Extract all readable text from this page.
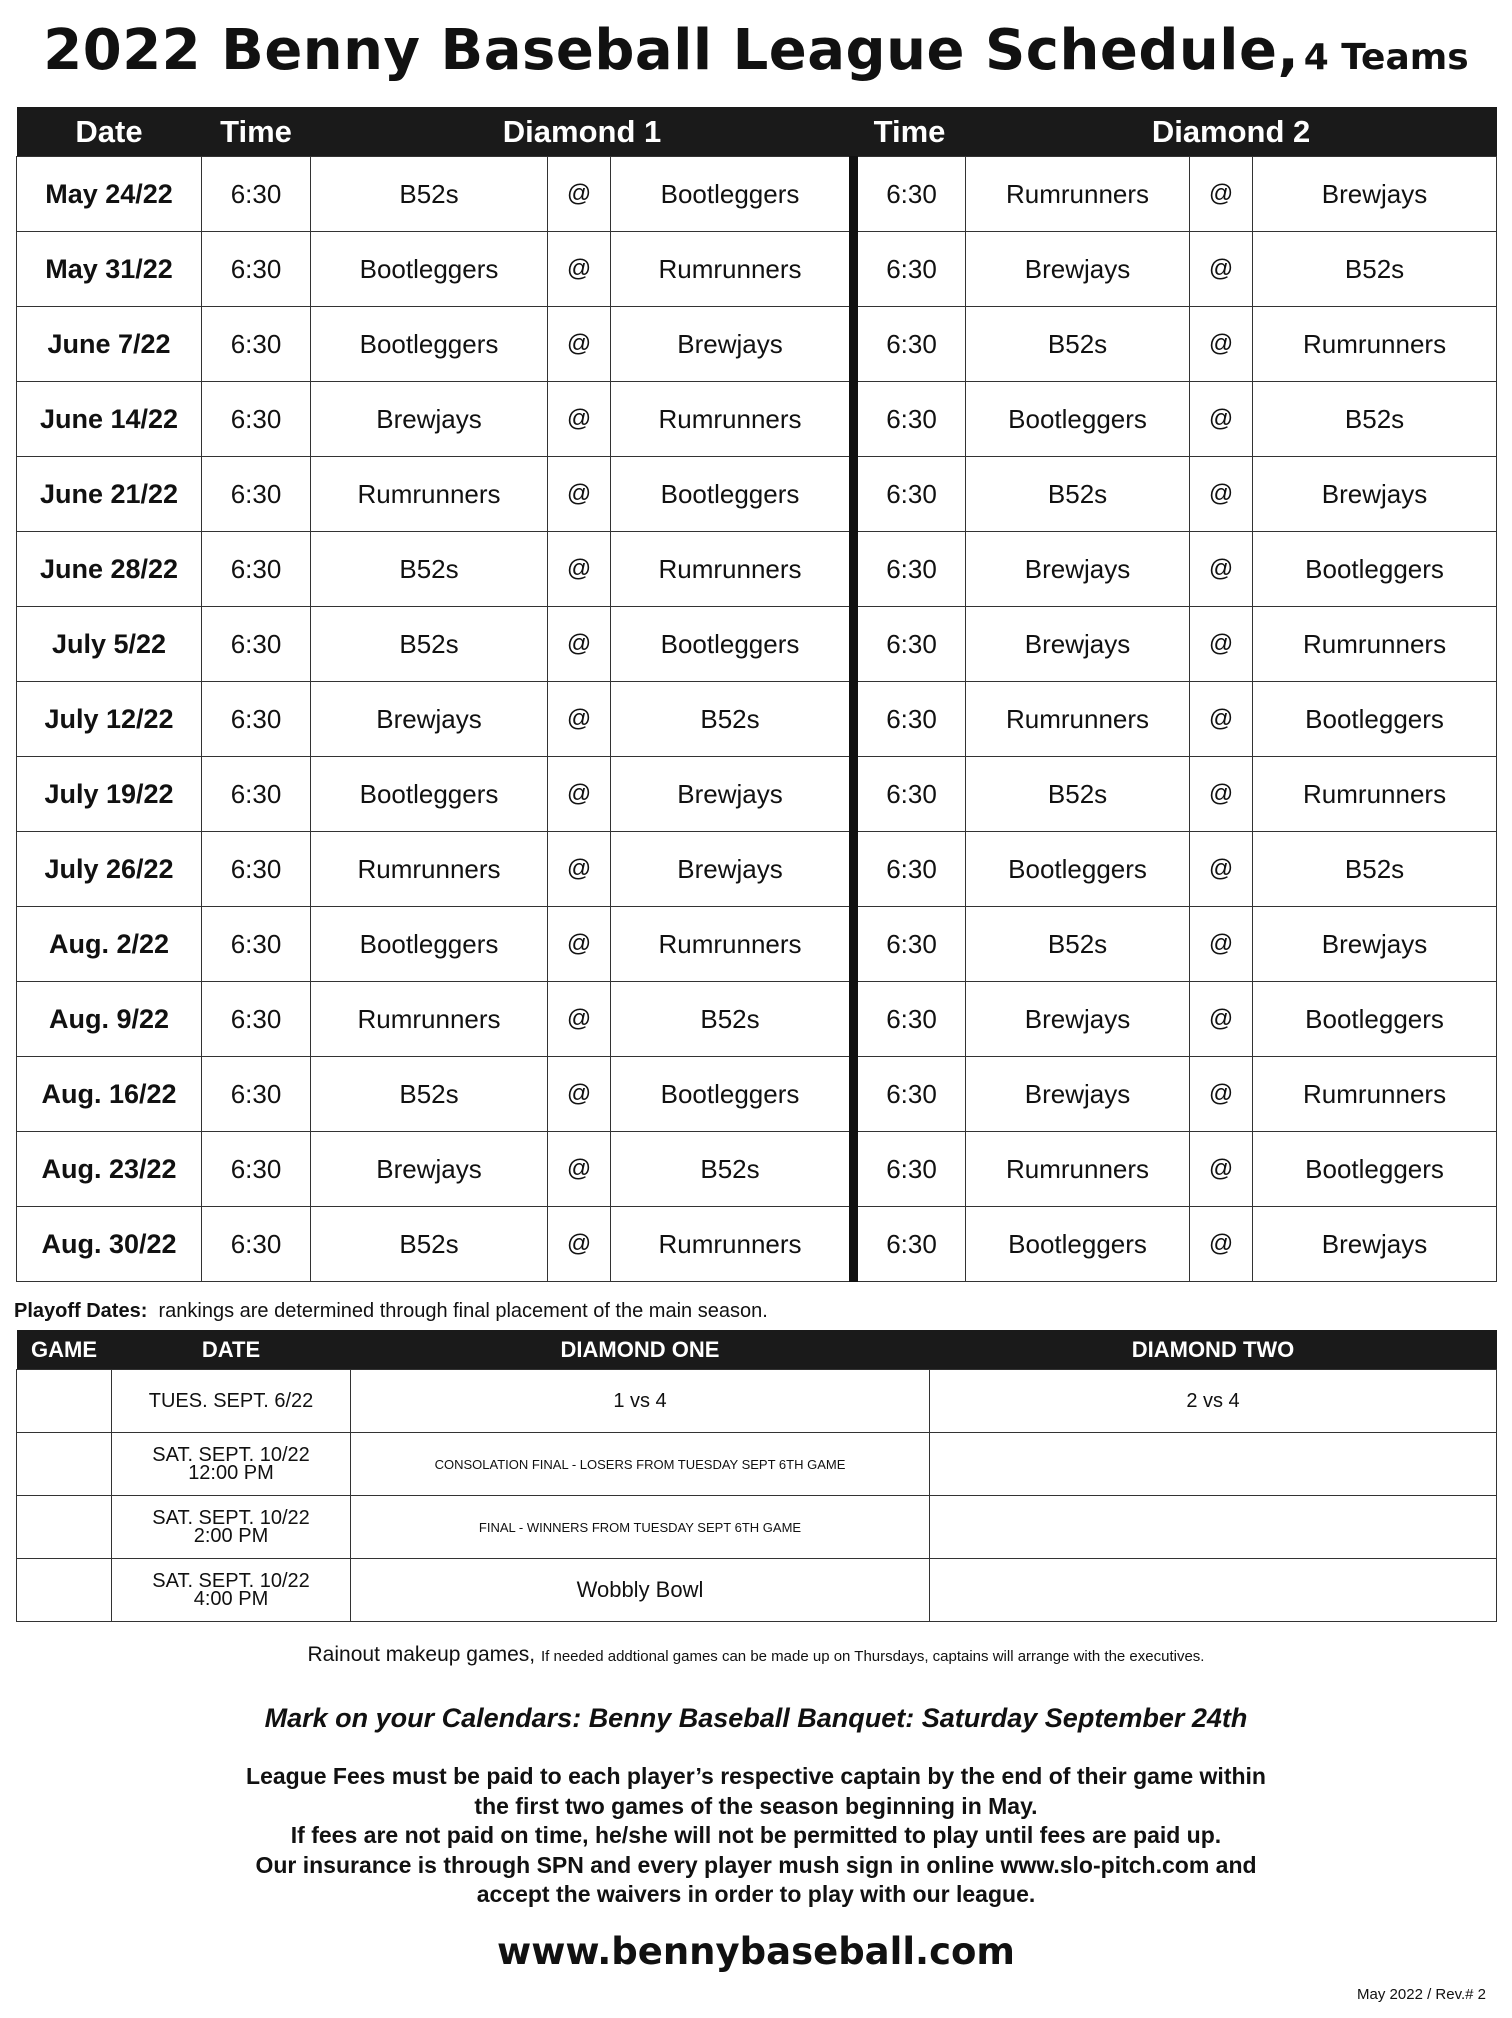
2022 Benny Baseball League Schedule, 4 Teams
Date	Time	Diamond 1			Time	Diamond 2		
May 24/22	6:30	B52s	@	Bootleggers	6:30	Rumrunners	@	Brewjays
May 31/22	6:30	Bootleggers	@	Rumrunners	6:30	Brewjays	@	B52s
June 7/22	6:30	Bootleggers	@	Brewjays	6:30	B52s	@	Rumrunners
June 14/22	6:30	Brewjays	@	Rumrunners	6:30	Bootleggers	@	B52s
June 21/22	6:30	Rumrunners	@	Bootleggers	6:30	B52s	@	Brewjays
June 28/22	6:30	B52s	@	Rumrunners	6:30	Brewjays	@	Bootleggers
July 5/22	6:30	B52s	@	Bootleggers	6:30	Brewjays	@	Rumrunners
July 12/22	6:30	Brewjays	@	B52s	6:30	Rumrunners	@	Bootleggers
July 19/22	6:30	Bootleggers	@	Brewjays	6:30	B52s	@	Rumrunners
July 26/22	6:30	Rumrunners	@	Brewjays	6:30	Bootleggers	@	B52s
Aug. 2/22	6:30	Bootleggers	@	Rumrunners	6:30	B52s	@	Brewjays
Aug. 9/22	6:30	Rumrunners	@	B52s	6:30	Brewjays	@	Bootleggers
Aug. 16/22	6:30	B52s	@	Bootleggers	6:30	Brewjays	@	Rumrunners
Aug. 23/22	6:30	Brewjays	@	B52s	6:30	Rumrunners	@	Bootleggers
Aug. 30/22	6:30	B52s	@	Rumrunners	6:30	Bootleggers	@	Brewjays
Playoff Dates: rankings are determined through final placement of the main season.
GAME	DATE	DIAMOND ONE	DIAMOND TWO

	TUES. SEPT. 6/22	1 vs 4	2 vs 4

	SAT. SEPT. 10/22
12:00 PM	CONSOLATION FINAL - LOSERS FROM TUESDAY SEPT 6TH GAME	

	SAT. SEPT. 10/22
2:00 PM	FINAL - WINNERS FROM TUESDAY SEPT 6TH GAME	

	SAT. SEPT. 10/22
4:00 PM	Wobbly Bowl	
Rainout makeup games, If needed addtional games can be made up on Thursdays, captains will arrange with the executives.
Mark on your Calendars: Benny Baseball Banquet: Saturday September 24th
League Fees must be paid to each player’s respective captain by the end of their game within
the first two games of the season beginning in May.
If fees are not paid on time, he/she will not be permitted to play until fees are paid up.
Our insurance is through SPN and every player mush sign in online www.slo-pitch.com and
accept the waivers in order to play with our league.
www.bennybaseball.com
May 2022 / Rev.# 2
